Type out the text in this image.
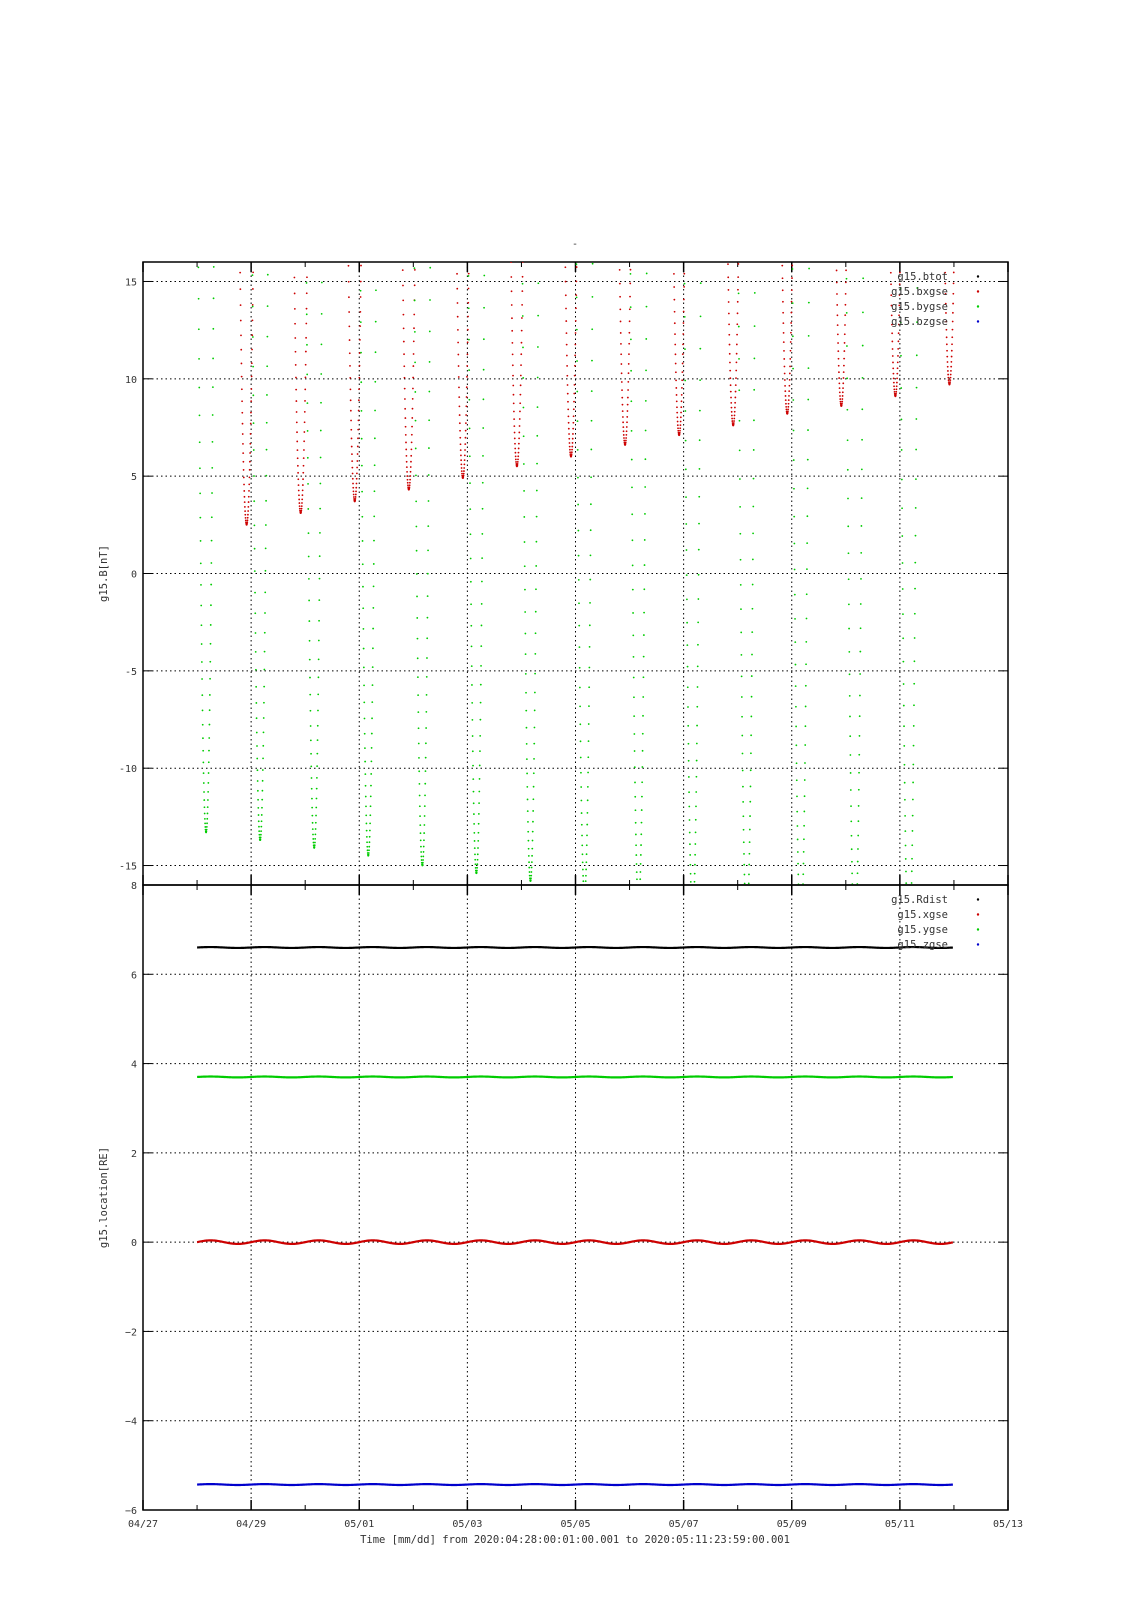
-
15
10
5
0
-5
-10
-15
g15.B[nT]
g15.btot
g15.bxgse
g15.bygse
g15.bzgse
8
6
4
2
0
−2
−4
−6
g15.location[RE]
g15.Rdist
g15.xgse
g15.ygse
g15.zgse
04/27	04/29	05/01	05/03	05/05	05/07	05/09	05/11	05/13
Time [mm/dd] from 2020:04:28:00:01:00.001 to 2020:05:11:23:59:00.001
